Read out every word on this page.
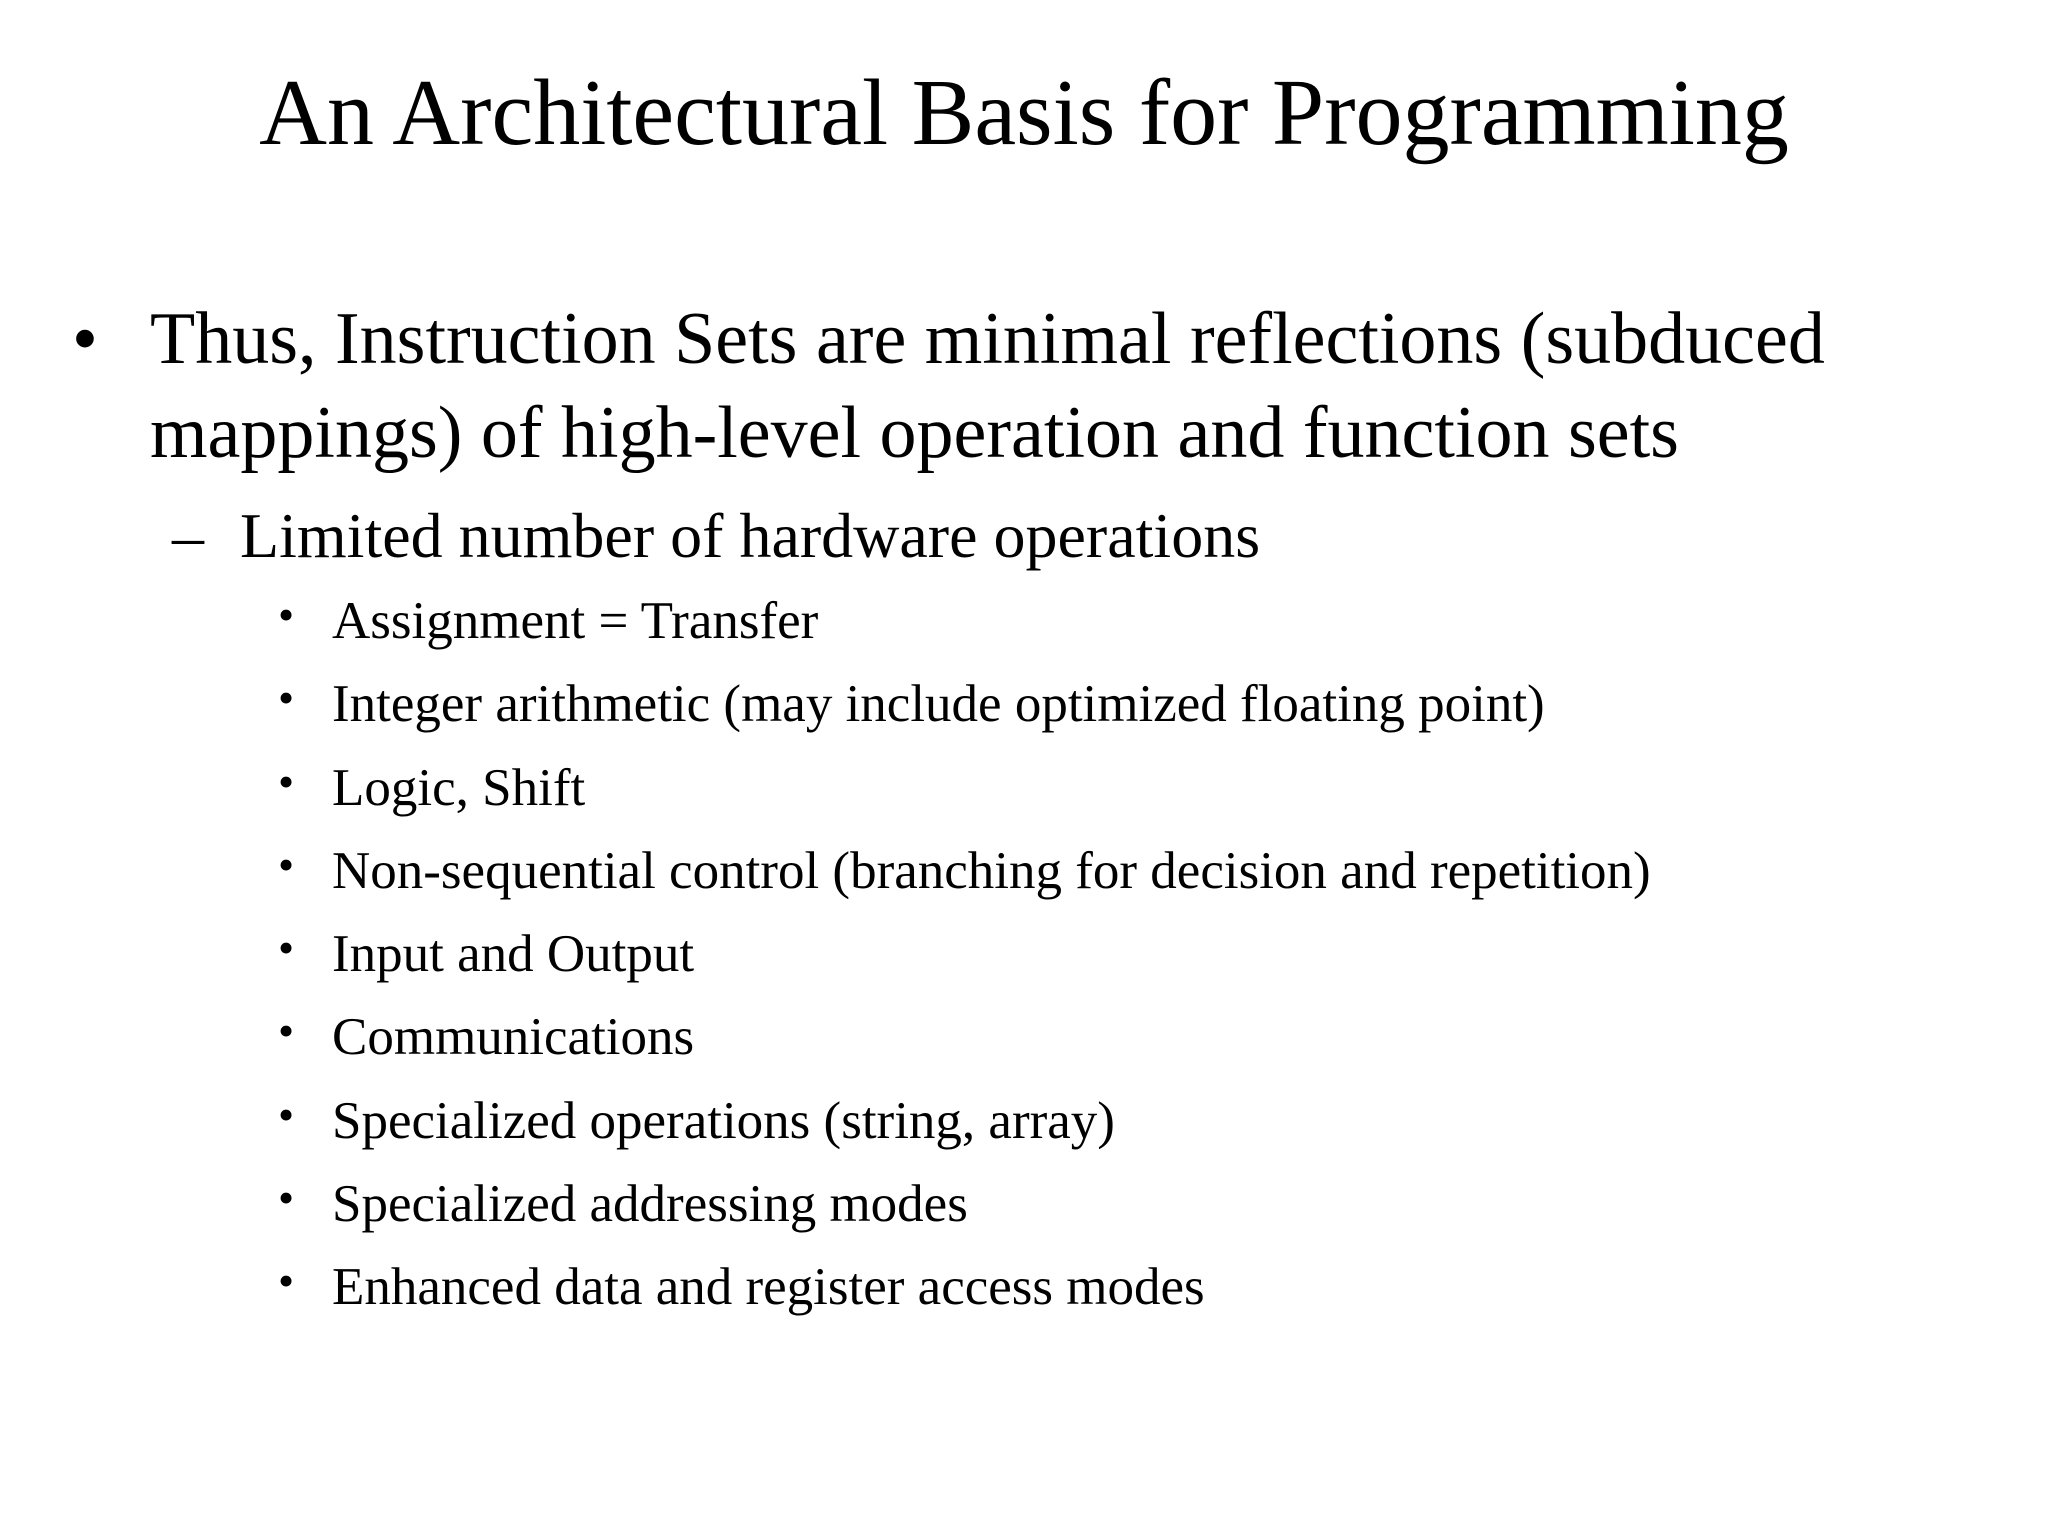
An Architectural Basis for Programming
• Thus, Instruction Sets are minimal reflections (subduced mappings) of high-level operation and function sets
– Limited number of hardware operations
• Assignment = Transfer
• Integer arithmetic (may include optimized floating point)
• Logic, Shift
• Non-sequential control (branching for decision and repetition)
• Input and Output
• Communications
• Specialized operations (string, array)
• Specialized addressing modes
• Enhanced data and register access modes
